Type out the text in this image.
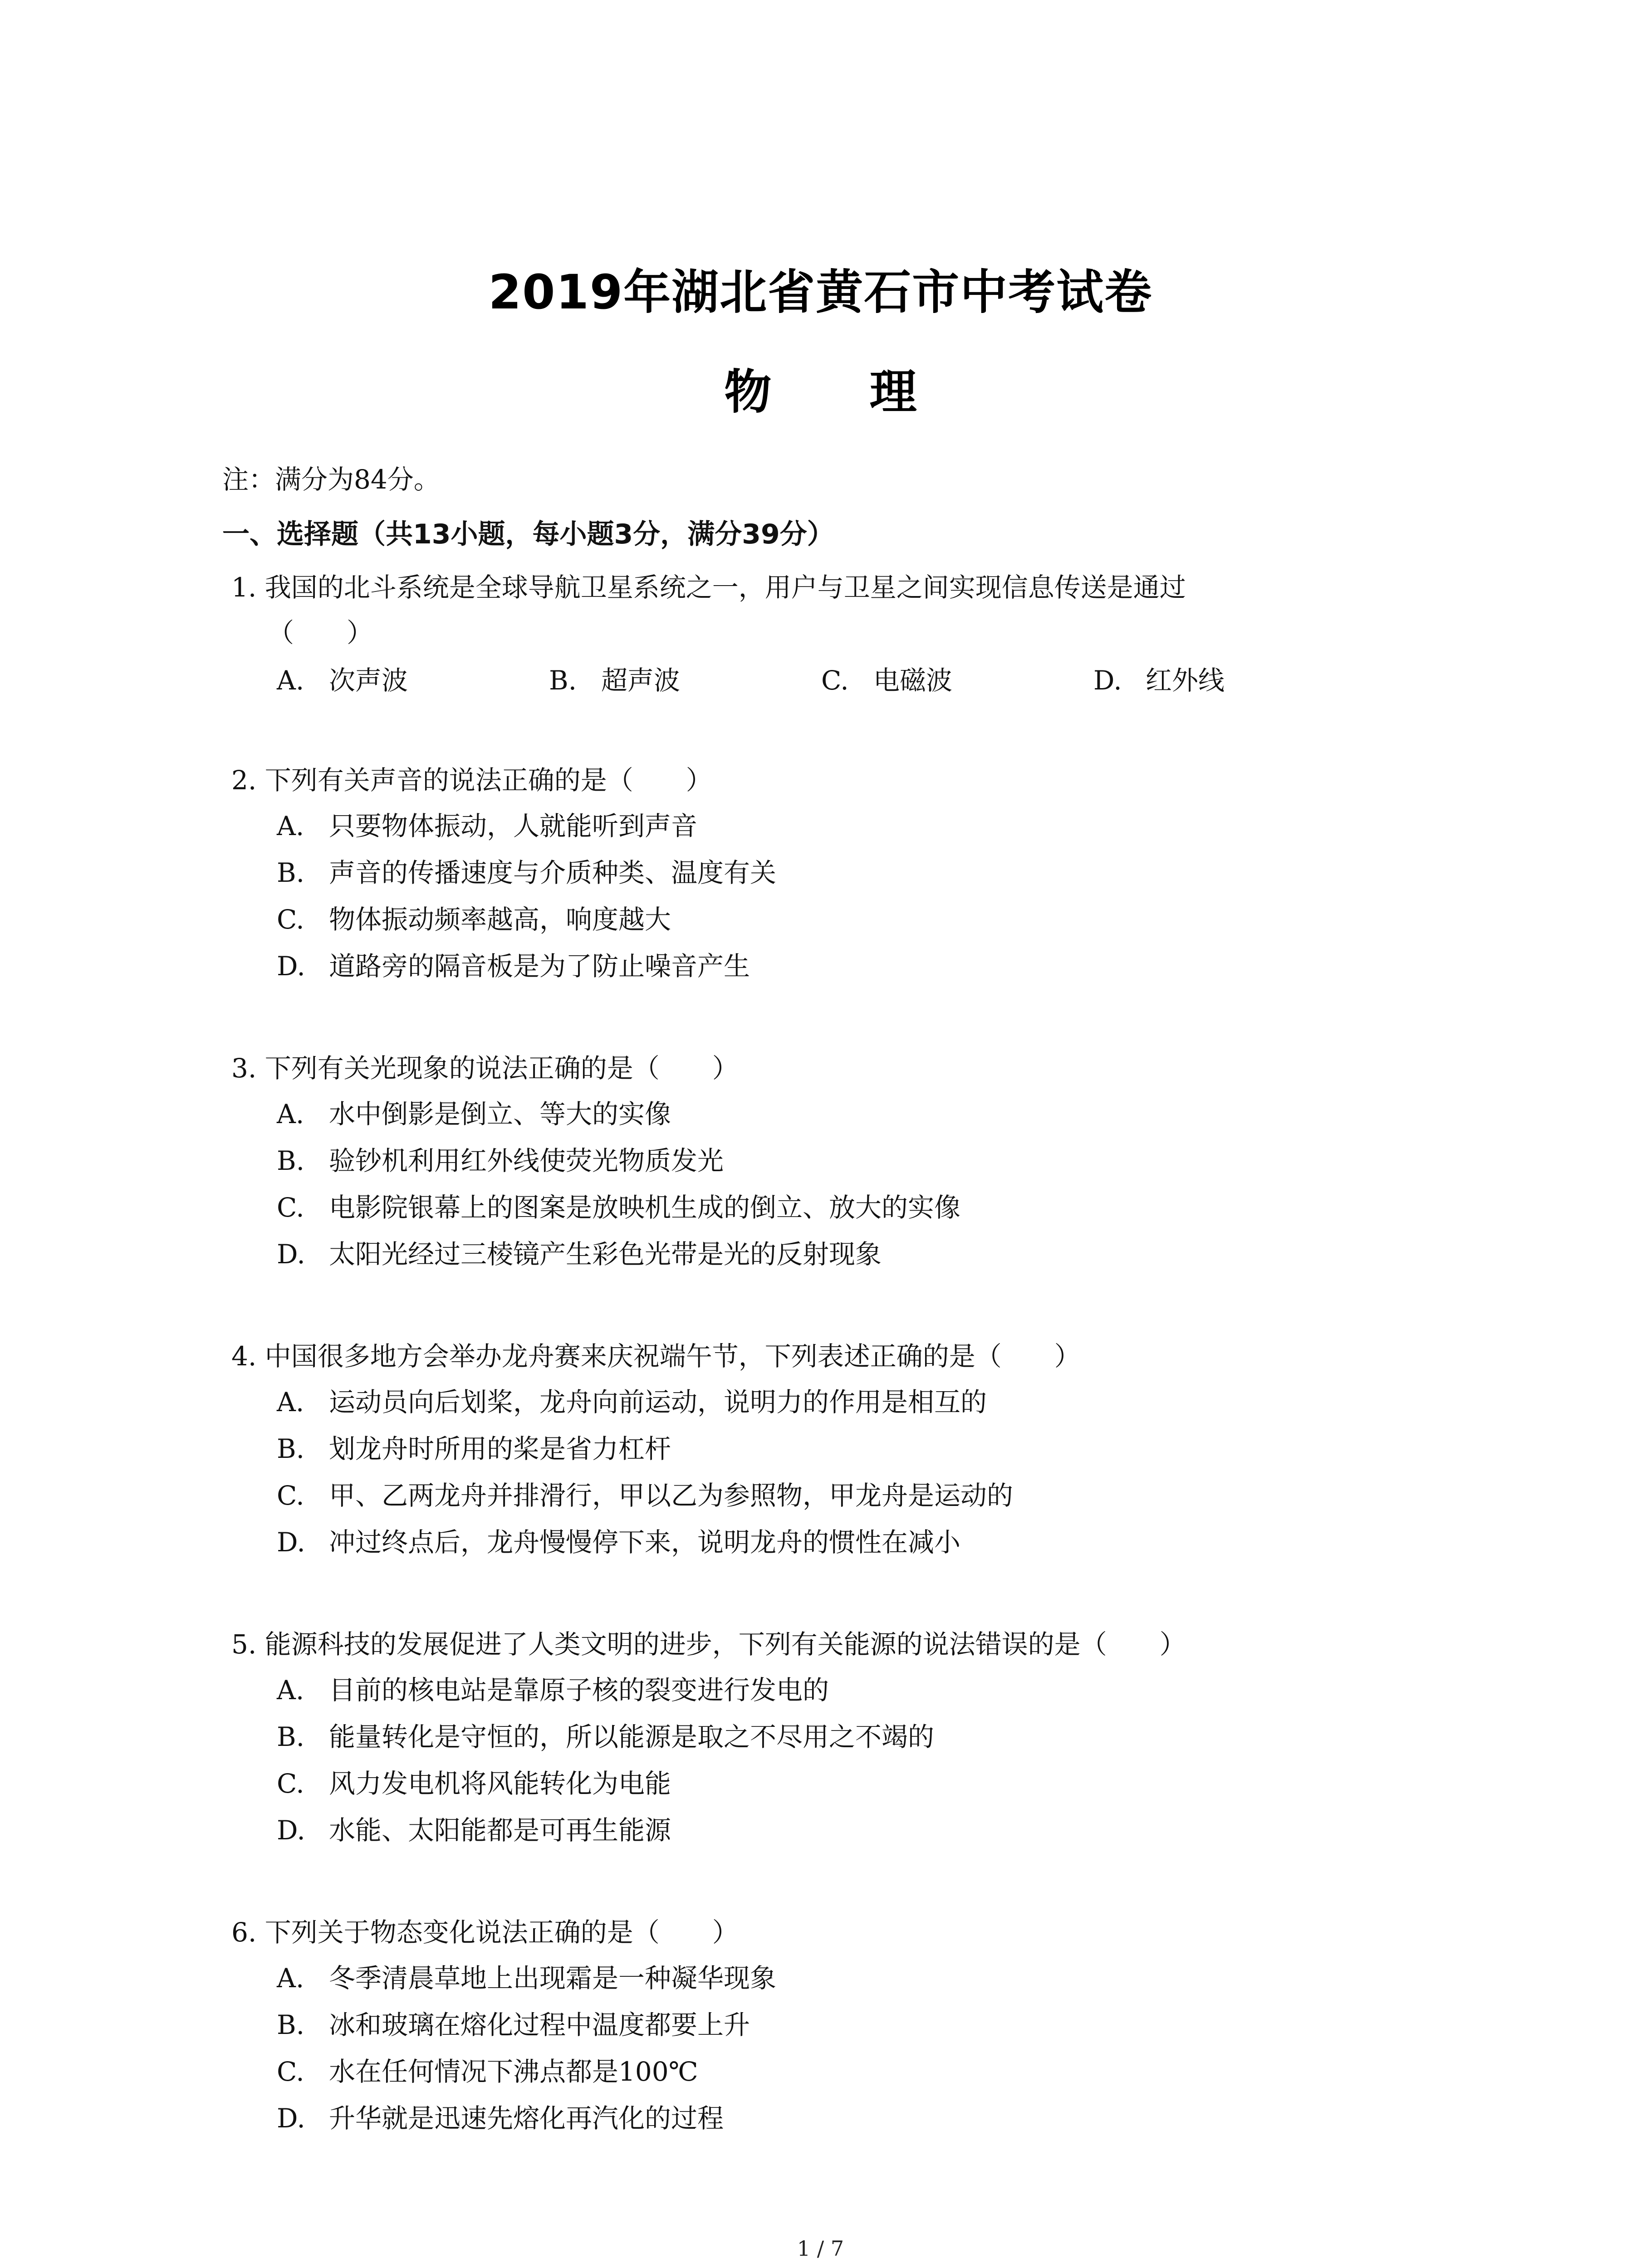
2019年湖北省黄石市中考试卷
物 理
注：满分为84分。
一、选择题（共13小题，每小题3分，满分39分）
1. 我国的北斗系统是全球导航卫星系统之一，用户与卫星之间实现信息传送是通过
（　　）
A. 次声波	B. 超声波	C. 电磁波	D. 红外线
2. 下列有关声音的说法正确的是（　　）
A. 只要物体振动，人就能听到声音
B. 声音的传播速度与介质种类、温度有关
C. 物体振动频率越高，响度越大
D. 道路旁的隔音板是为了防止噪音产生
3. 下列有关光现象的说法正确的是（　　）
A. 水中倒影是倒立、等大的实像
B. 验钞机利用红外线使荧光物质发光
C. 电影院银幕上的图案是放映机生成的倒立、放大的实像
D. 太阳光经过三棱镜产生彩色光带是光的反射现象
4. 中国很多地方会举办龙舟赛来庆祝端午节，下列表述正确的是（　　）
A. 运动员向后划桨，龙舟向前运动，说明力的作用是相互的
B. 划龙舟时所用的桨是省力杠杆
C. 甲、乙两龙舟并排滑行，甲以乙为参照物，甲龙舟是运动的
D. 冲过终点后，龙舟慢慢停下来，说明龙舟的惯性在减小
5. 能源科技的发展促进了人类文明的进步，下列有关能源的说法错误的是（　　）
A. 目前的核电站是靠原子核的裂变进行发电的
B. 能量转化是守恒的，所以能源是取之不尽用之不竭的
C. 风力发电机将风能转化为电能
D. 水能、太阳能都是可再生能源
6. 下列关于物态变化说法正确的是（　　）
A. 冬季清晨草地上出现霜是一种凝华现象
B. 冰和玻璃在熔化过程中温度都要上升
C. 水在任何情况下沸点都是100℃
D. 升华就是迅速先熔化再汽化的过程
1 / 7
